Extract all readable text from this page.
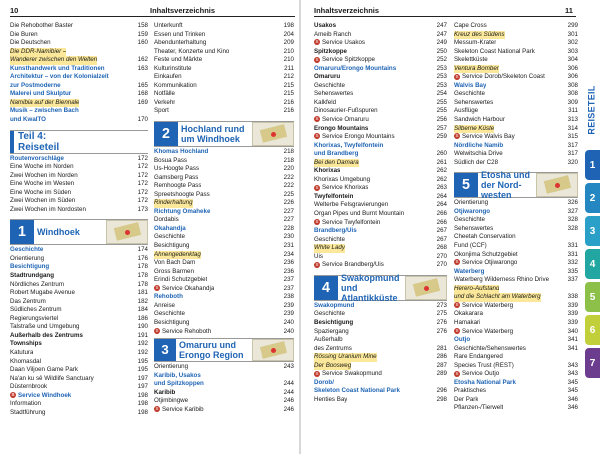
10	Inhaltsverzeichnis	Inhaltsverzeichnis	11
Die Rehobother Baster	158
Die Buren	159
Die Deutschen	160
Die DDR-Namibier –
Wanderer zwischen den Welten	162
Kunsthandwerk und Traditionen	163
Architektur – von der Kolonialzeit
zur Postmoderne	165
Malerei und Skulptur	168
Namibia auf der Biennale	169
Musik – zwischen Bach
und KwaITO	170
Teil 4:
Reiseteil
Routenvorschläge	172
Eine Woche im Norden	172
Zwei Wochen im Norden	172
Eine Woche im Westen	172
Eine Woche im Süden	172
Zwei Wochen im Süden	172
Zwei Wochen im Nordosten	173
1	Windhoek
Geschichte	174
Orientierung	176
Besichtigung	178
Stadtrundgang	178
Nördliches Zentrum	178
Robert Mugabe Avenue	181
Das Zentrum	182
Südliches Zentrum	184
Regierungsviertel	186
Talstraße und Umgebung	190
Außerhalb des Zentrums	191
Townships	192
Katutura	192
Khomasdal	195
Daan Viljoen Game Park	195
Na'an ku sê Wildlife Sanctuary	197
Düsternbrook	197
S Service Windhoek	198
Information	198
Stadtführung	198
Unterkunft	198
Essen und Trinken	204
Abendunterhaltung	209
Theater, Konzerte und Kino	210
Feste und Märkte	210
Kulturinstitute	211
Einkaufen	212
Kommunikation	215
Notfälle	215
Verkehr	216
Sport	216
2	Hochland rund um Windhoek
Khomas Hochland	218
Bosua Pass	218
Us-Hoogte Pass	220
Gamsberg Pass	222
Remhoogte Pass	222
Spreetshoogte Pass	225
Rinderhaltung	226
Richtung Omaheke	227
Dordabis	227
Okahandja	228
Geschichte	230
Besichtigung	231
Ahnengedenktag	234
Von Bach Dam	236
Gross Barmen	236
Erindi Schutzgebiet	237
S Service Okahandja	237
Rehoboth	238
Anreise	239
Geschichte	239
Besichtigung	240
S Service Rehoboth	240
3	Omaruru und Erongo Region
Orientierung	243
Karibib, Usakos
und Spitzkoppen	244
Karibib	244
Otjimbingwe	246
S Service Karibib	246
Usakos	247
Ameib Ranch	247
S Service Usakos	249
Spitzkoppe	250
S Service Spitzkoppe	252
Omaruru/Erongo Mountains	253
Omaruru	253
Geschichte	253
Sehenswertes	254
Kalkfeld	255
Dinosaurier-Fußspuren	255
S Service Omaruru	256
Erongo Mountains	257
S Service Erongo Mountains	259
Khorixas, Twyfelfontein
und Brandberg	260
Bei den Damara	261
Khorixas	262
Khorixas Umgebung	262
S Service Khorixas	263
Twyfelfontein	264
Welterbe Felsgravierungen	264
Organ Pipes und Burnt Mountain	266
S Service Twyfelfontein	266
Brandberg/Uis	267
Geschichte	267
White Lady	268
Uis	270
S Service Brandberg/Uis	270
4
Swakopmund und Atlantikküste
Swakopmund	273
Geschichte	275
Besichtigung	276
Spaziergang	276
Außerhalb
des Zentrums	281
Rössing Uranium Mine	286
Der Boosweg	287
S Service Swakopmund	289
Dorob/
Skeleton Coast National Park	296
Henties Bay	298
Cape Cross	299
Kreuz des Südens	301
Messum-Krater	302
Skeleton Coast National Park	303
Skelettküste	304
Ventura Bomber	306
S Service Dorob/Skeleton Coast	306
Walvis Bay	308
Geschichte	308
Sehenswertes	309
Ausflüge	311
Sandwich Harbour	313
Silberne Küste	314
S Service Walvis Bay	315
Nördliche Namib	317
Welwitschia Drive	317
Südlich der C28	320
5
Etosha und der Nord-westen
Orientierung	326
Otjiwarongo	327
Geschichte	328
Sehenswertes	328
Cheetah Conservation
Fund (CCF)	331
Okonjima Schutzgebiet	331
S Service Otjiwarongo	332
Waterberg	335
Waterberg Wilderness Rhino Drive	337
Herero-Aufstand
und die Schlacht am Waterberg	338
S Service Waterberg	339
Okakarara	339
Hamakari	339
S Service Waterberg	340
Outjo	341
Geschichte/Sehenswertes	341
Rare Endangered
Species Trust (REST)	343
S Service Outjo	343
Etosha National Park	345
Praktisches	345
Der Park	346
Pflanzen-/Tierwelt	346
REISETEIL
1
2
3
4
5
6
7
